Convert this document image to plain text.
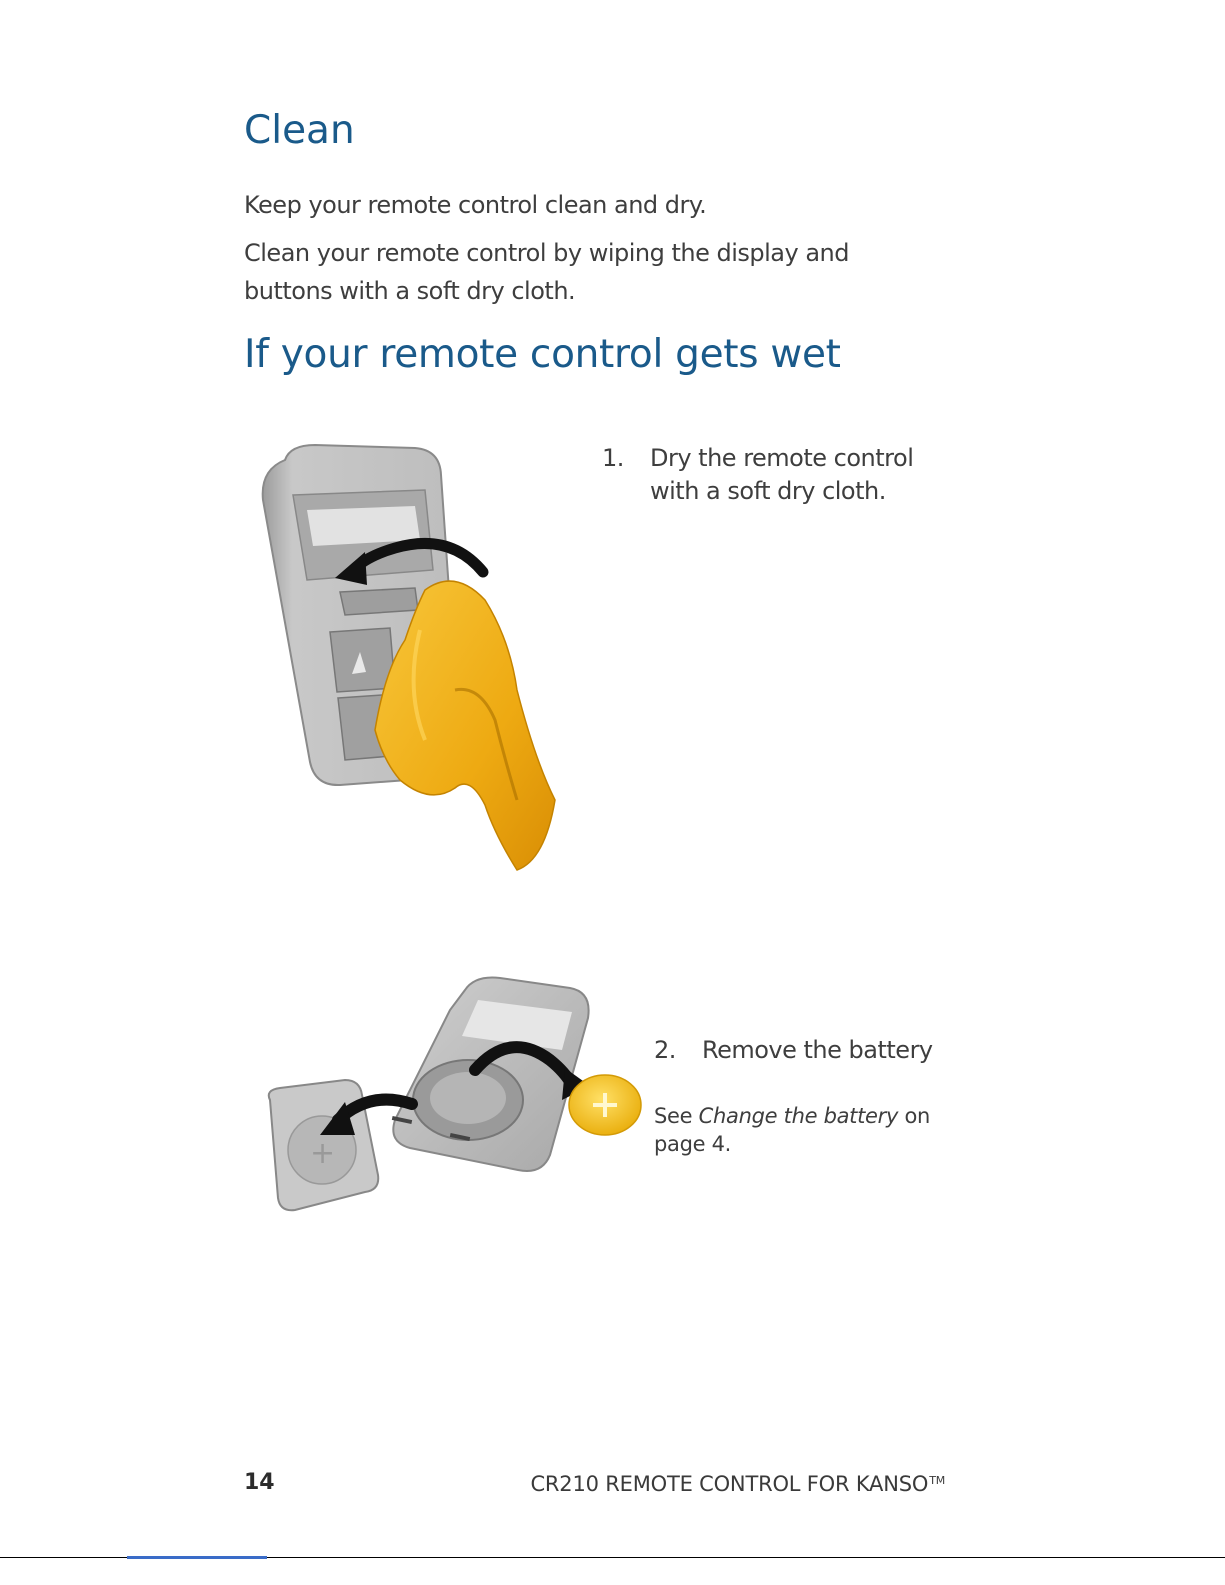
Clean

Keep your remote control clean and dry.

Clean your remote control by wiping the display and buttons with a soft dry cloth.

If your remote control gets wet
1. Dry the remote control with a soft dry cloth.
+
2. Remove the battery
See Change the battery on page 4.
14	CR210 REMOTE CONTROL FOR KANSO™
